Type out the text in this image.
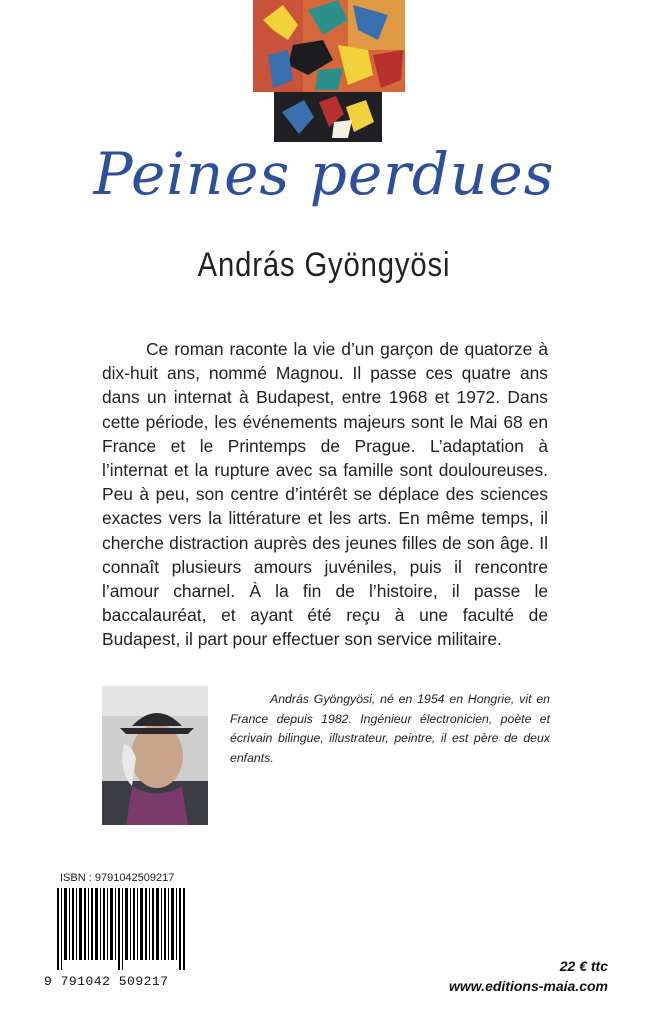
Peines perdues
András Gyöngyösi

Ce roman raconte la vie d’un garçon de quatorze à dix-huit ans, nommé Magnou. Il passe ces quatre ans dans un internat à Budapest, entre 1968 et 1972. Dans cette période, les événements majeurs sont le Mai 68 en France et le Printemps de Prague. L’adaptation à l’internat et la rupture avec sa famille sont douloureuses. Peu à peu, son centre d’intérêt se déplace des sciences exactes vers la littérature et les arts. En même temps, il cherche distraction auprès des jeunes filles de son âge. Il connaît plusieurs amours juvéniles, puis il rencontre l’amour charnel. À la fin de l’histoire, il passe le baccalauréat, et ayant été reçu à une faculté de Budapest, il part pour effectuer son service militaire.

András Gyöngyösi, né en 1954 en Hongrie, vit en France depuis 1982. Ingénieur électronicien, poète et écrivain bilingue, illustrateur, peintre, il est père de deux enfants.

ISBN : 9791042509217
9 791042 509217
22 € ttc
www.editions-maia.com
